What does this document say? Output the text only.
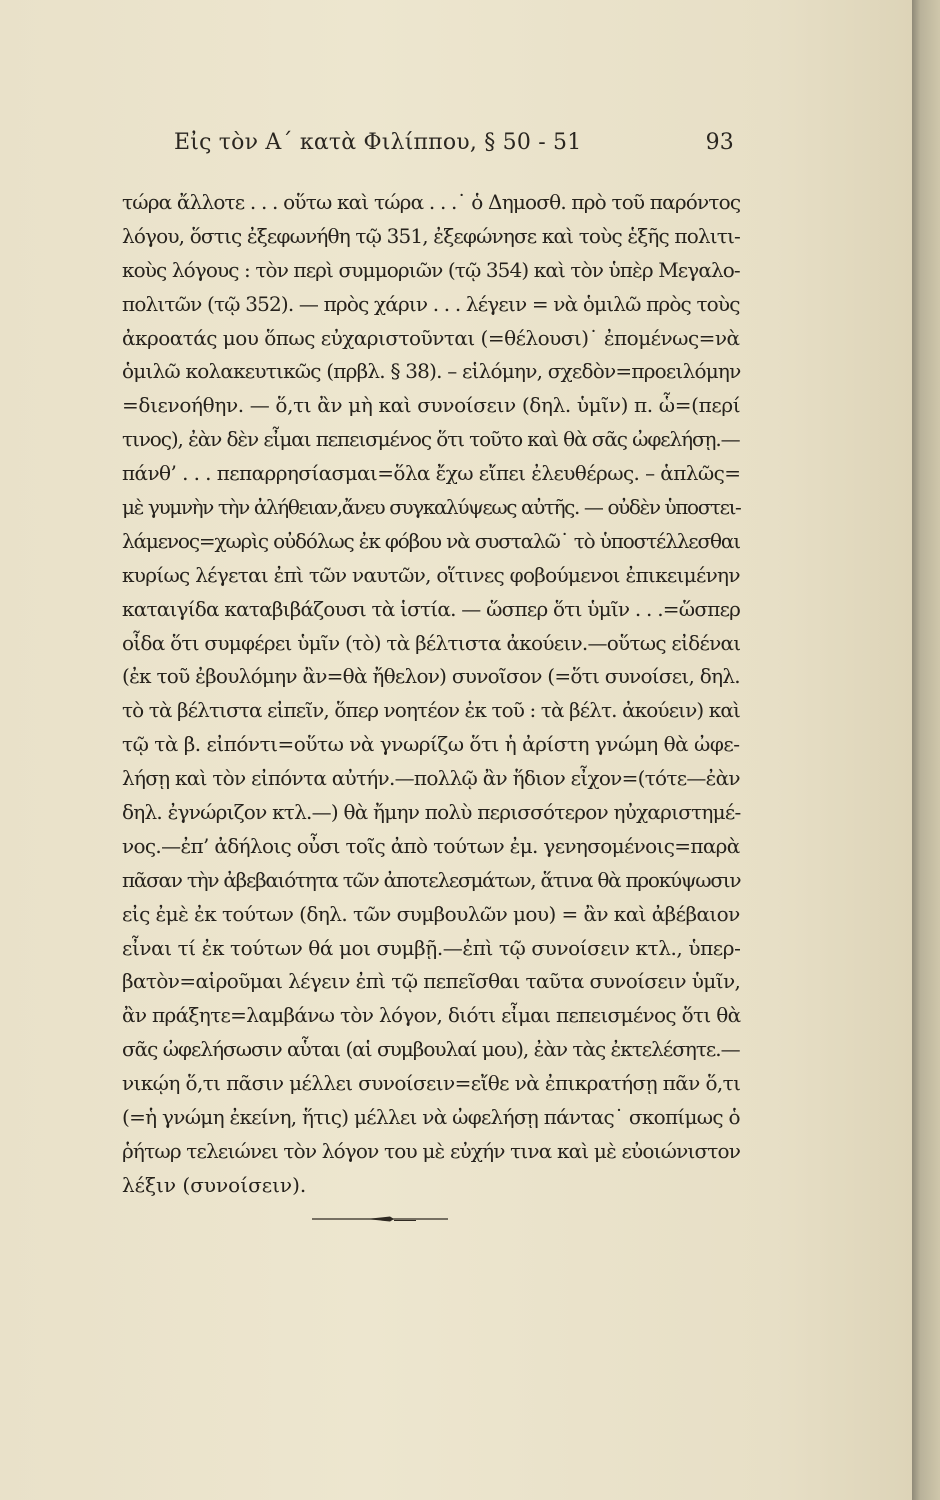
Εἰς τὸν Α΄ κατὰ Φιλίππου, § 50 - 51	93
τώρα ἄλλοτε . . . οὕτω καὶ τώρα . . .˙ ὁ Δημοσθ. πρὸ τοῦ παρόντος
λόγου, ὅστις ἐξεφωνήθη τῷ 351, ἐξεφώνησε καὶ τοὺς ἑξῆς πολιτι-
κοὺς λόγους : τὸν περὶ συμμοριῶν (τῷ 354) καὶ τὸν ὑπὲρ Μεγαλο-
πολιτῶν (τῷ 352). — πρὸς χάριν . . . λέγειν = νὰ ὁμιλῶ πρὸς τοὺς
ἀκροατάς μου ὅπως εὐχαριστοῦνται (=θέλουσι)˙ ἐπομένως=νὰ
ὁμιλῶ κολακευτικῶς (πρβλ. § 38). – εἱλόμην, σχεδὸν=προειλόμην
=διενοήθην. — ὅ,τι ἂν μὴ καὶ συνοίσειν (δηλ. ὑμῖν) π. ὧ=(περί
τινος), ἐὰν δὲν εἶμαι πεπεισμένος ὅτι τοῦτο καὶ θὰ σᾶς ὠφελήσῃ.—
πάνθ’ . . . πεπαρρησίασμαι=ὅλα ἔχω εἴπει ἐλευθέρως. – ἁπλῶς=
μὲ γυμνὴν τὴν ἀλήθειαν,ἄνευ συγκαλύψεως αὐτῆς. — οὐδὲν ὑποστει-
λάμενος=χωρὶς οὐδόλως ἐκ φόβου νὰ συσταλῶ˙ τὸ ὑποστέλλεσθαι
κυρίως λέγεται ἐπὶ τῶν ναυτῶν, οἵτινες φοβούμενοι ἐπικειμένην
καταιγίδα καταβιβάζουσι τὰ ἱστία. — ὥσπερ ὅτι ὑμῖν . . .=ὥσπερ
οἶδα ὅτι συμφέρει ὑμῖν (τὸ) τὰ βέλτιστα ἀκούειν.—οὕτως εἰδέναι
(ἐκ τοῦ ἐβουλόμην ἂν=θὰ ἤθελον) συνοῖσον (=ὅτι συνοίσει, δηλ.
τὸ τὰ βέλτιστα εἰπεῖν, ὅπερ νοητέον ἐκ τοῦ : τὰ βέλτ. ἀκούειν) καὶ
τῷ τὰ β. εἰπόντι=οὕτω νὰ γνωρίζω ὅτι ἡ ἀρίστη γνώμη θὰ ὠφε-
λήσῃ καὶ τὸν εἰπόντα αὐτήν.—πολλῷ ἂν ἥδιον εἶχον=(τότε—ἐὰν
δηλ. ἐγνώριζον κτλ.—) θὰ ἤμην πολὺ περισσότερον ηὐχαριστημέ-
νος.—ἐπ’ ἀδήλοις οὖσι τοῖς ἀπὸ τούτων ἐμ. γενησομένοις=παρὰ
πᾶσαν τὴν ἀβεβαιότητα τῶν ἀποτελεσμάτων, ἅτινα θὰ προκύψωσιν
εἰς ἐμὲ ἐκ τούτων (δηλ. τῶν συμβουλῶν μου) = ἂν καὶ ἀβέβαιον
εἶναι τί ἐκ τούτων θά μοι συμβῇ.—ἐπὶ τῷ συνοίσειν κτλ., ὑπερ-
βατὸν=αἱροῦμαι λέγειν ἐπὶ τῷ πεπεῖσθαι ταῦτα συνοίσειν ὑμῖν,
ἂν πράξητε=λαμβάνω τὸν λόγον, διότι εἶμαι πεπεισμένος ὅτι θὰ
σᾶς ὠφελήσωσιν αὗται (αἱ συμβουλαί μου), ἐὰν τὰς ἐκτελέσητε.—
νικῴη ὅ,τι πᾶσιν μέλλει συνοίσειν=εἴθε νὰ ἐπικρατήσῃ πᾶν ὅ,τι
(=ἡ γνώμη ἐκείνη, ἥτις) μέλλει νὰ ὠφελήσῃ πάντας˙ σκοπίμως ὁ
ῥήτωρ τελειώνει τὸν λόγον του μὲ εὐχήν τινα καὶ μὲ εὐοιώνιστον
λέξιν (συνοίσειν).
